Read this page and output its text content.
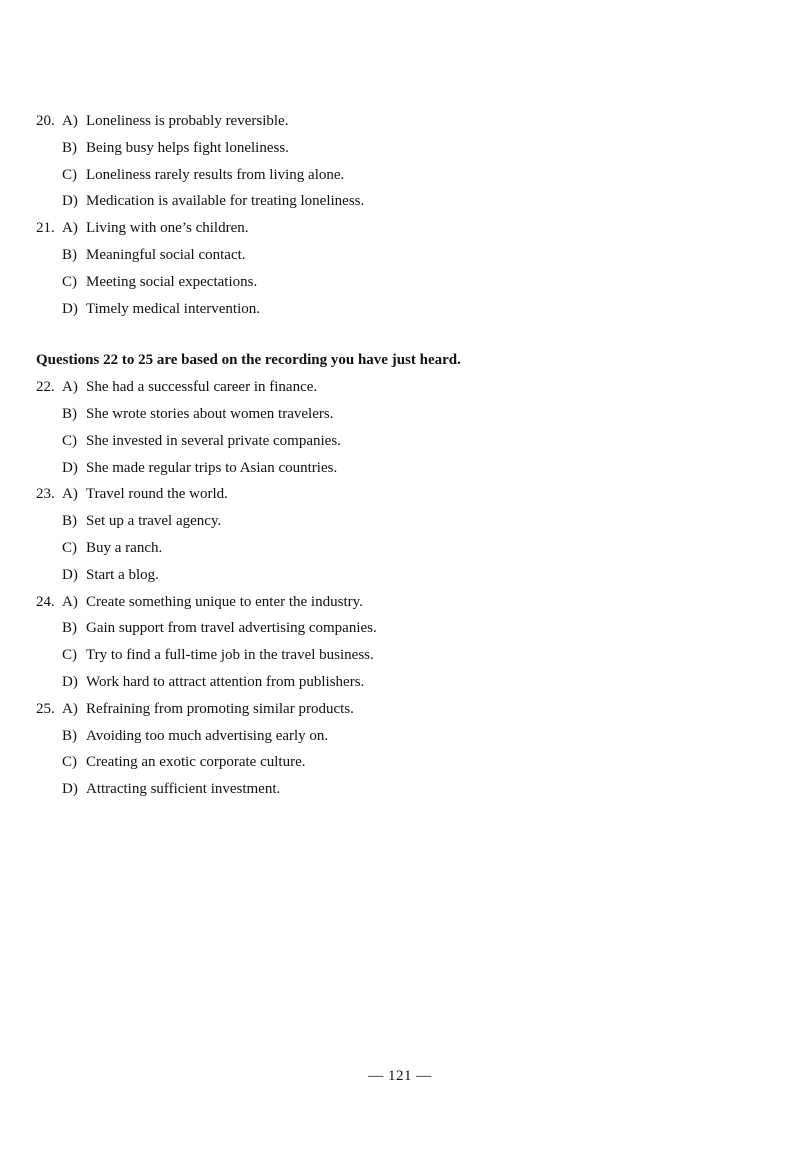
20. A) Loneliness is probably reversible.
B) Being busy helps fight loneliness.
C) Loneliness rarely results from living alone.
D) Medication is available for treating loneliness.
21. A) Living with one’s children.
B) Meaningful social contact.
C) Meeting social expectations.
D) Timely medical intervention.
Questions 22 to 25 are based on the recording you have just heard.
22. A) She had a successful career in finance.
B) She wrote stories about women travelers.
C) She invested in several private companies.
D) She made regular trips to Asian countries.
23. A) Travel round the world.
B) Set up a travel agency.
C) Buy a ranch.
D) Start a blog.
24. A) Create something unique to enter the industry.
B) Gain support from travel advertising companies.
C) Try to find a full-time job in the travel business.
D) Work hard to attract attention from publishers.
25. A) Refraining from promoting similar products.
B) Avoiding too much advertising early on.
C) Creating an exotic corporate culture.
D) Attracting sufficient investment.
— 121 —
